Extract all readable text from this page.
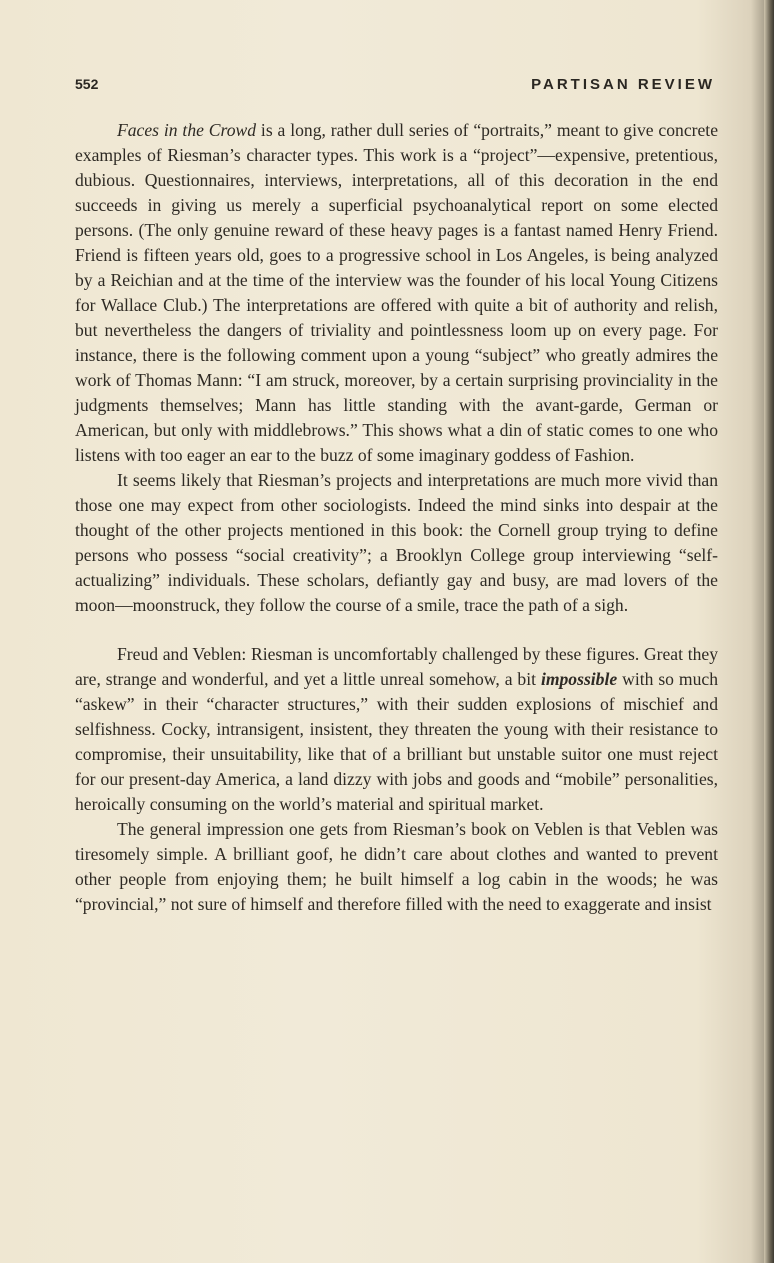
552	PARTISAN REVIEW

Faces in the Crowd is a long, rather dull series of “portraits,” meant to give concrete examples of Riesman’s character types. This work is a “project”—expensive, pretentious, dubious. Questionnaires, interviews, interpretations, all of this decoration in the end succeeds in giving us merely a superficial psychoanalytical report on some elected persons. (The only genuine reward of these heavy pages is a fantast named Henry Friend. Friend is fifteen years old, goes to a progressive school in Los Angeles, is being analyzed by a Reichian and at the time of the interview was the founder of his local Young Citizens for Wallace Club.) The interpretations are offered with quite a bit of authority and relish, but nevertheless the dangers of triviality and pointlessness loom up on every page. For instance, there is the following comment upon a young “subject” who greatly admires the work of Thomas Mann: “I am struck, moreover, by a certain surprising provinciality in the judgments themselves; Mann has little standing with the avant-garde, German or American, but only with middlebrows.” This shows what a din of static comes to one who listens with too eager an ear to the buzz of some imaginary goddess of Fashion.

It seems likely that Riesman’s projects and interpretations are much more vivid than those one may expect from other sociologists. Indeed the mind sinks into despair at the thought of the other projects mentioned in this book: the Cornell group trying to define persons who possess “social creativity”; a Brooklyn College group interviewing “self-actualizing” individuals. These scholars, defiantly gay and busy, are mad lovers of the moon—moonstruck, they follow the course of a smile, trace the path of a sigh.

Freud and Veblen: Riesman is uncomfortably challenged by these figures. Great they are, strange and wonderful, and yet a little unreal somehow, a bit impossible with so much “askew” in their “character structures,” with their sudden explosions of mischief and selfishness. Cocky, intransigent, insistent, they threaten the young with their resistance to compromise, their unsuitability, like that of a brilliant but unstable suitor one must reject for our present-day America, a land dizzy with jobs and goods and “mobile” personalities, heroically consuming on the world’s material and spiritual market.

The general impression one gets from Riesman’s book on Veblen is that Veblen was tiresomely simple. A brilliant goof, he didn’t care about clothes and wanted to prevent other people from enjoying them; he built himself a log cabin in the woods; he was “provincial,” not sure of himself and therefore filled with the need to exaggerate and insist
